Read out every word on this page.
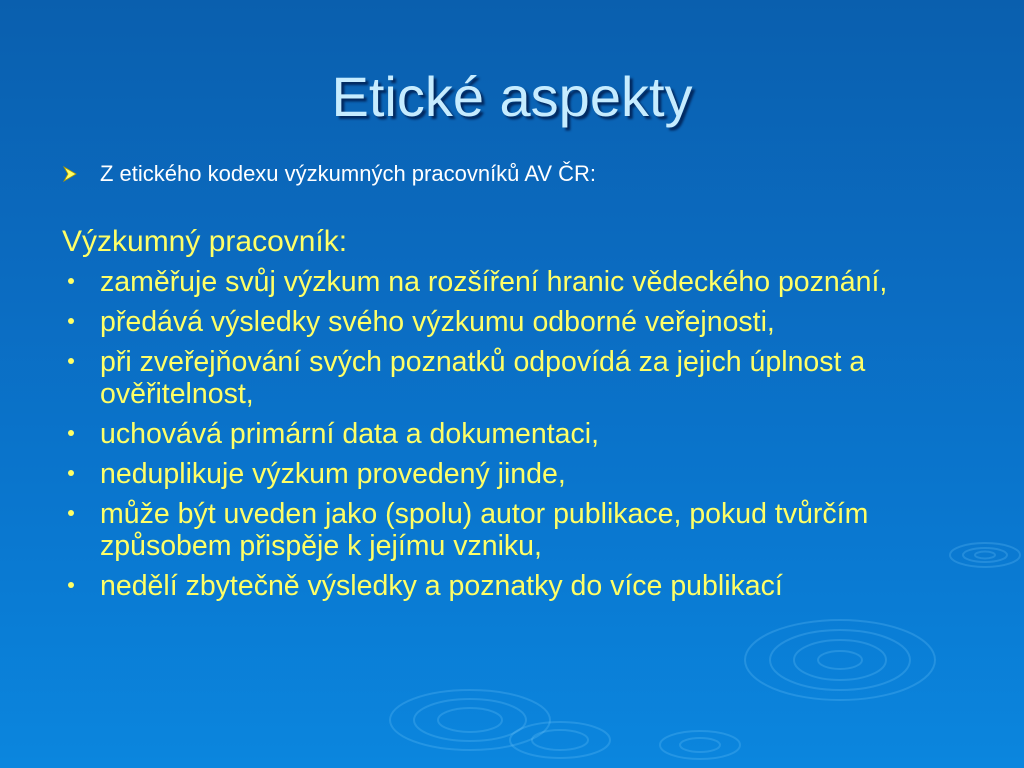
Etické aspekty
Z etického kodexu výzkumných pracovníků AV ČR:
Výzkumný pracovník:
zaměřuje svůj výzkum na rozšíření hranic vědeckého poznání,
předává výsledky svého výzkumu odborné veřejnosti,
při zveřejňování svých poznatků odpovídá za jejich úplnost a ověřitelnost,
uchovává primární data a dokumentaci,
neduplikuje výzkum provedený jinde,
může být uveden jako (spolu) autor publikace, pokud tvůrčím způsobem přispěje k jejímu vzniku,
nedělí zbytečně výsledky a poznatky do více publikací
